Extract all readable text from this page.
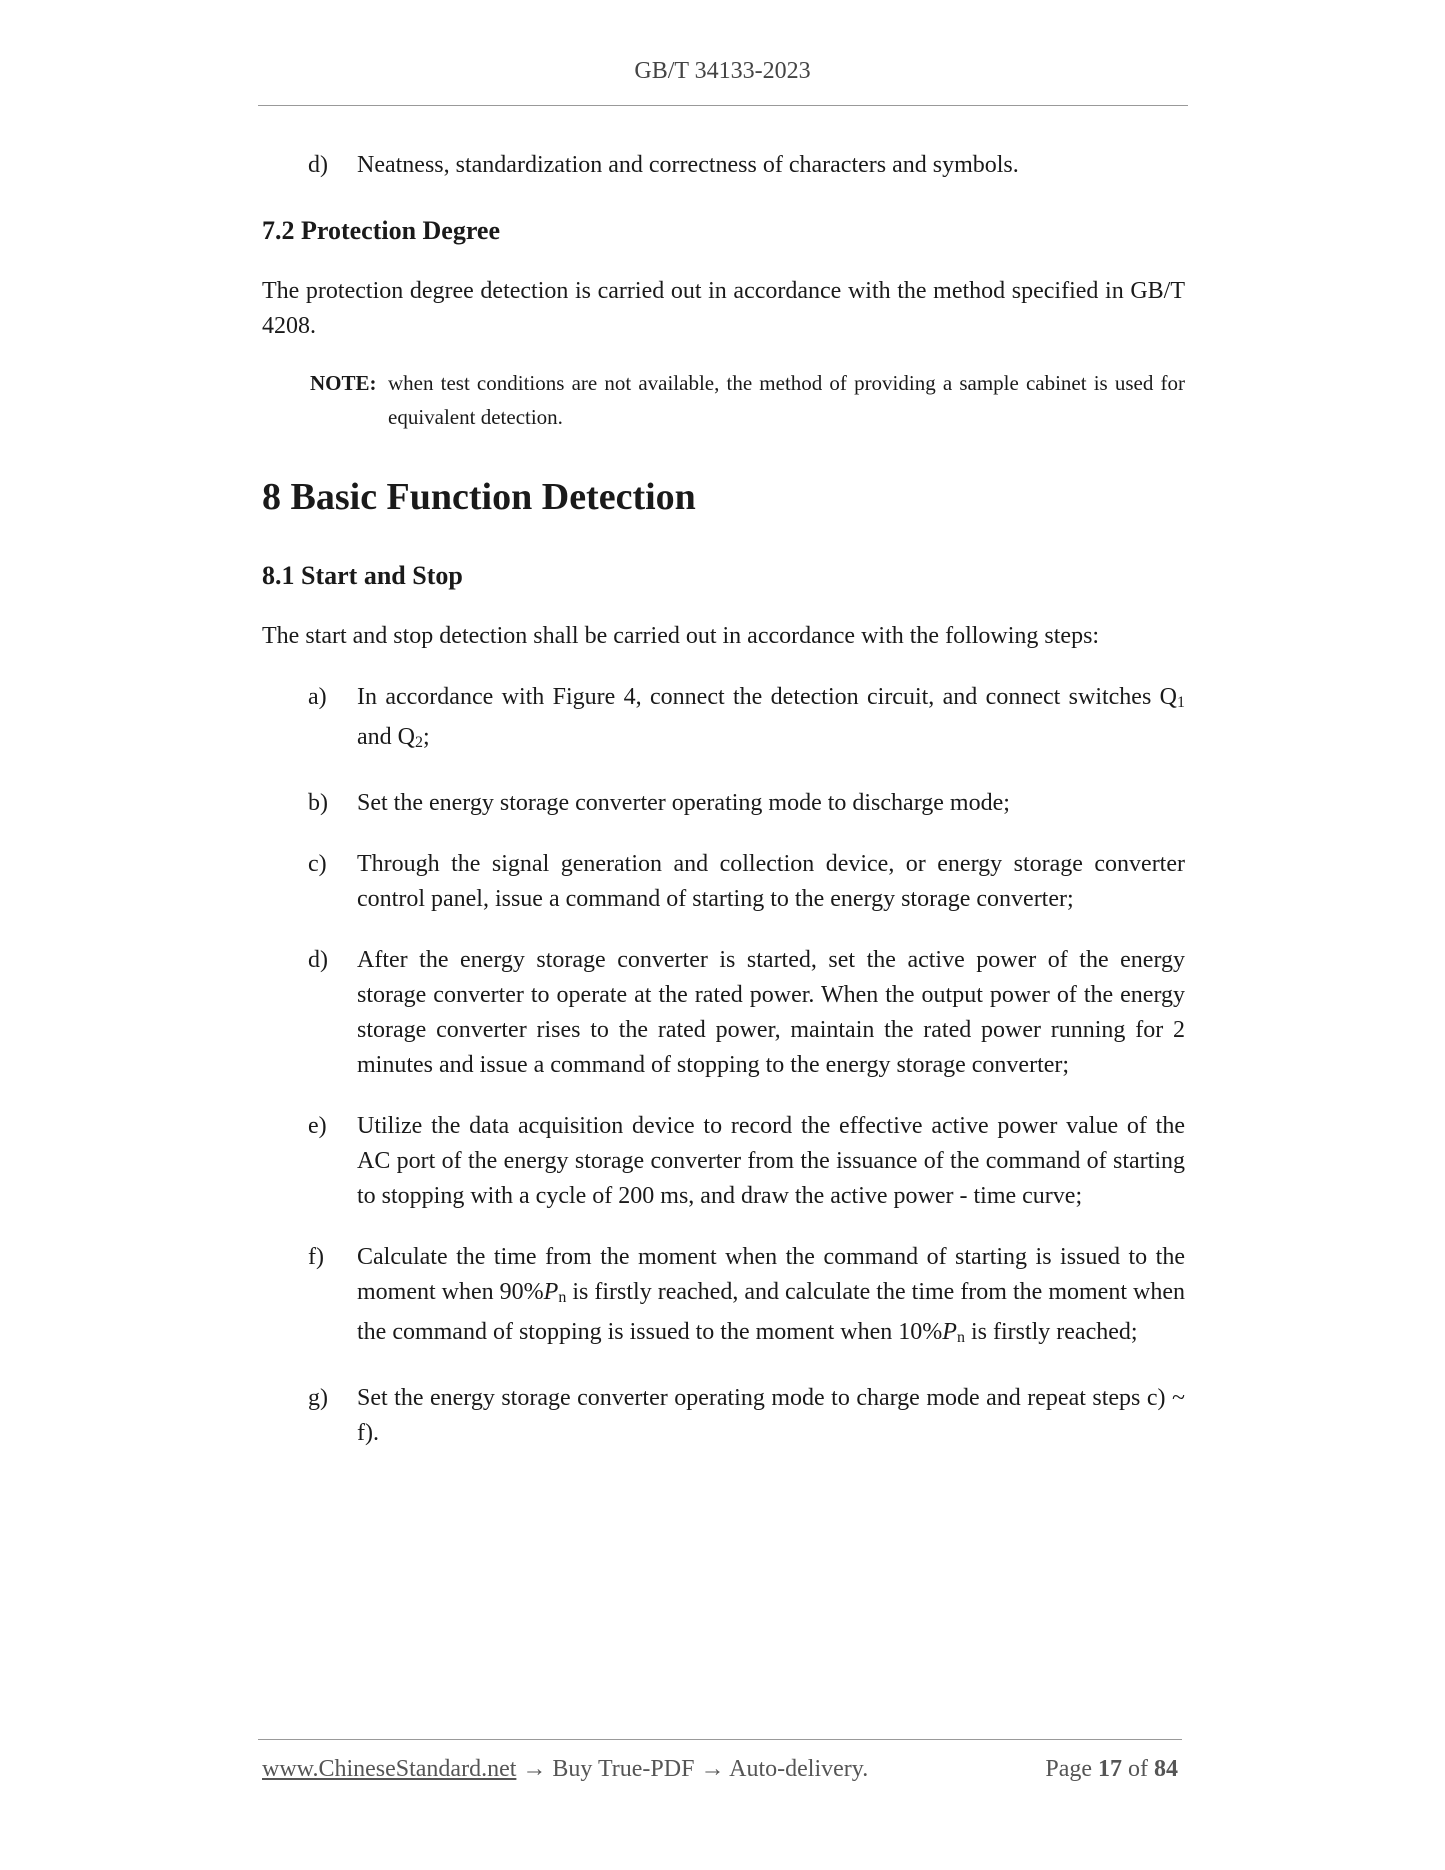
GB/T 34133-2023
d)	Neatness, standardization and correctness of characters and symbols.
7.2 Protection Degree
The protection degree detection is carried out in accordance with the method specified in GB/T 4208.
NOTE: when test conditions are not available, the method of providing a sample cabinet is used for equivalent detection.
8 Basic Function Detection
8.1 Start and Stop
The start and stop detection shall be carried out in accordance with the following steps:
a)	In accordance with Figure 4, connect the detection circuit, and connect switches Q1 and Q2;
b)	Set the energy storage converter operating mode to discharge mode;
c)	Through the signal generation and collection device, or energy storage converter control panel, issue a command of starting to the energy storage converter;
d)	After the energy storage converter is started, set the active power of the energy storage converter to operate at the rated power. When the output power of the energy storage converter rises to the rated power, maintain the rated power running for 2 minutes and issue a command of stopping to the energy storage converter;
e)	Utilize the data acquisition device to record the effective active power value of the AC port of the energy storage converter from the issuance of the command of starting to stopping with a cycle of 200 ms, and draw the active power - time curve;
f)	Calculate the time from the moment when the command of starting is issued to the moment when 90%Pn is firstly reached, and calculate the time from the moment when the command of stopping is issued to the moment when 10%Pn is firstly reached;
g)	Set the energy storage converter operating mode to charge mode and repeat steps c) ~ f).
www.ChineseStandard.net → Buy True-PDF → Auto-delivery.	Page 17 of 84
